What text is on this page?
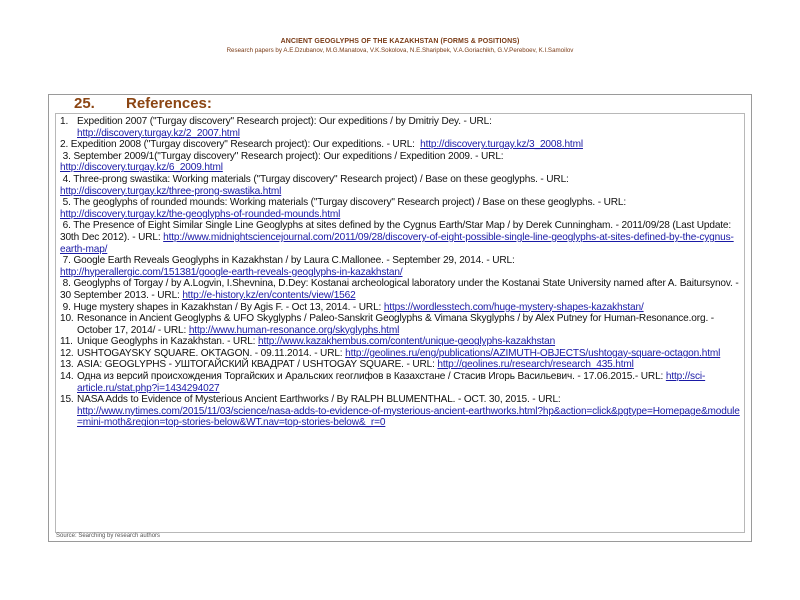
ANCIENT GEOGLYPHS OF THE KAZAKHSTAN (FORMS & POSITIONS)
Research papers by A.E.Dzubanov, M.G.Manatova, V.K.Sokolova, N.E.Sharipbek, V.A.Goriachikh, G.V.Pereboev, K.I.Samoilov
25. References:
1. Expedition 2007 ("Turgay discovery" Research project): Our expeditions / by Dmitriy Dey. - URL:
http://discovery.turgay.kz/2_2007.html
2. Expedition 2008 ("Turgay discovery" Research project): Our expeditions. - URL: http://discovery.turgay.kz/3_2008.html
3. September 2009/1("Turgay discovery" Research project): Our expeditions / Expedition 2009. - URL:
http://discovery.turgay.kz/6_2009.html
4. Three-prong swastika: Working materials ("Turgay discovery" Research project) / Base on these geoglyphs. - URL:
http://discovery.turgay.kz/three-prong-swastika.html
5. The geoglyphs of rounded mounds: Working materials ("Turgay discovery" Research project) / Base on these geoglyphs. - URL:
http://discovery.turgay.kz/the-geoglyphs-of-rounded-mounds.html
6. The Presence of Eight Similar Single Line Geoglyphs at sites defined by the Cygnus Earth/Star Map / by Derek Cunningham. - 2011/09/28 (Last Update: 30th Dec 2012). - URL: http://www.midnightsciencejournal.com/2011/09/28/discovery-of-eight-possible-single-line-geoglyphs-at-sites-defined-by-the-cygnus-earth-map/
7. Google Earth Reveals Geoglyphs in Kazakhstan / by Laura C.Mallonee. - September 29, 2014. - URL:
http://hyperallergic.com/151381/google-earth-reveals-geoglyphs-in-kazakhstan/
8. Geoglyphs of Torgay / by A.Logvin, I.Shevnina, D.Dey: Kostanai archeological laboratory under the Kostanai State University named after A. Baitursynov. - 30 September 2013. - URL: http://e-history.kz/en/contents/view/1562
9. Huge mystery shapes in Kazakhstan / By Agis F. - Oct 13, 2014. - URL: https://wordlesstech.com/huge-mystery-shapes-kazakhstan/
10. Resonance in Ancient Geoglyphs & UFO Skyglyphs / Paleo-Sanskrit Geoglyphs & Vimana Skyglyphs / by Alex Putney for Human-Resonance.org. - October 17, 2014/ - URL: http://www.human-resonance.org/skyglyphs.html
11. Unique Geoglyphs in Kazakhstan. - URL: http://www.kazakhembus.com/content/unique-geoglyphs-kazakhstan
12. USHTOGAYSKY SQUARE. OKTAGON. - 09.11.2014. - URL: http://geolines.ru/eng/publications/AZIMUTH-OBJECTS/ushtogay-square-octagon.html
13. ASIA: GEOGLYPHS - УШТОГАЙСКИЙ КВАДРАТ / USHTOGAY SQUARE. - URL: http://geolines.ru/research/research_435.html
14. Одна из версий происхождения Торгайских и Аральских геоглифов в Казахстане / Стасив Игорь Васильевич. - 17.06.2015.- URL: http://sci-article.ru/stat.php?i=1434294027
15. NASA Adds to Evidence of Mysterious Ancient Earthworks / By RALPH BLUMENTHAL. - OCT. 30, 2015. - URL:
http://www.nytimes.com/2015/11/03/science/nasa-adds-to-evidence-of-mysterious-ancient-earthworks.html?hp&action=click&pgtype=Homepage&module=mini-moth&region=top-stories-below&WT.nav=top-stories-below&_r=0
Source: Searching by research authors
